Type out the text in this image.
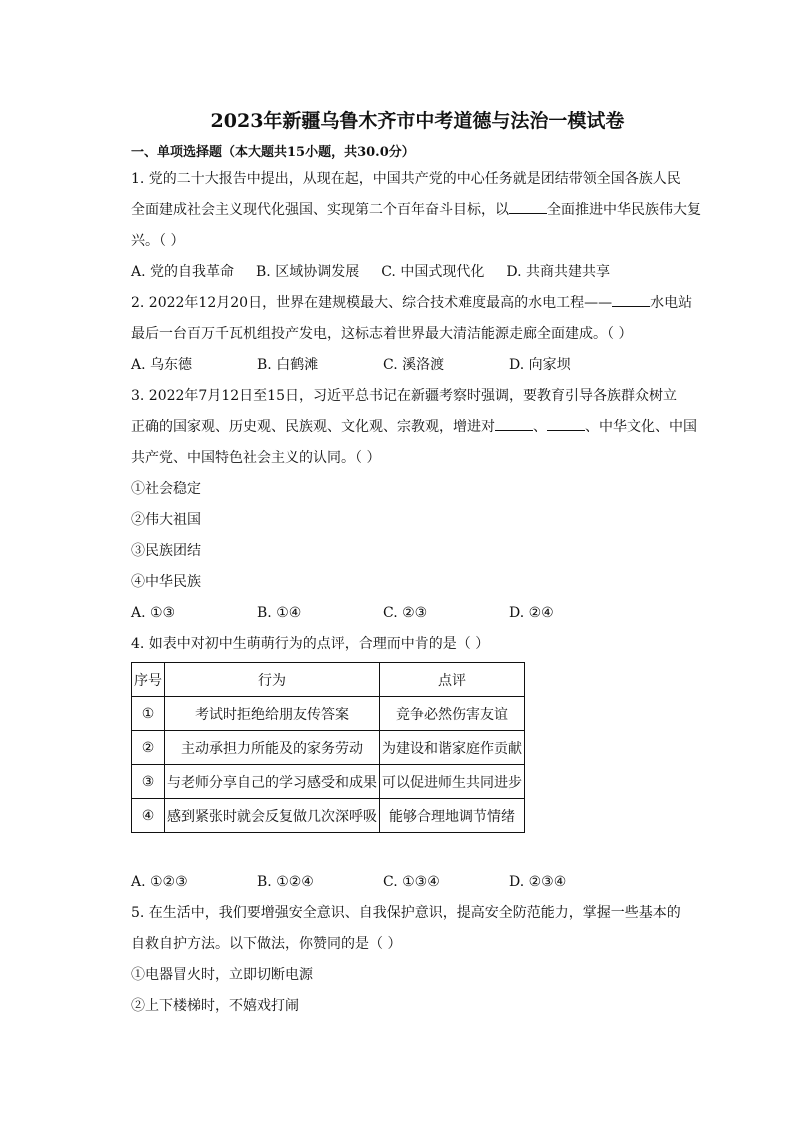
2023年新疆乌鲁木齐市中考道德与法治一模试卷
一、单项选择题（本大题共15小题，共30.0分）
1. 党的二十大报告中提出，从现在起，中国共产党的中心任务就是团结带领全国各族人民
全面建成社会主义现代化强国、实现第二个百年奋斗目标，以	全面推进中华民族伟大复
兴。（ ）
A. 党的自我革命 B. 区域协调发展 C. 中国式现代化 D. 共商共建共享
2. 2022年12月20日，世界在建规模最大、综合技术难度最高的水电工程——	水电站
最后一台百万千瓦机组投产发电，这标志着世界最大清洁能源走廊全面建成。（ ）
A. 乌东德	B. 白鹤滩	C. 溪洛渡	D. 向家坝
3. 2022年7月12日至15日，习近平总书记在新疆考察时强调，要教育引导各族群众树立
正确的国家观、历史观、民族观、文化观、宗教观，增进对	、	、中华文化、中国
共产党、中国特色社会主义的认同。（ ）
①社会稳定
②伟大祖国
③民族团结
④中华民族
A. ①③	B. ①④	C. ②③	D. ②④
4. 如表中对初中生萌萌行为的点评，合理而中肯的是（ ）
序号	行为	点评
①	考试时拒绝给朋友传答案	竞争必然伤害友谊
②	主动承担力所能及的家务劳动	为建设和谐家庭作贡献
③	与老师分享自己的学习感受和成果	可以促进师生共同进步
④	感到紧张时就会反复做几次深呼吸	能够合理地调节情绪
A. ①②③	B. ①②④	C. ①③④	D. ②③④
5. 在生活中，我们要增强安全意识、自我保护意识，提高安全防范能力，掌握一些基本的
自救自护方法。以下做法，你赞同的是（ ）
①电器冒火时，立即切断电源
②上下楼梯时，不嬉戏打闹
